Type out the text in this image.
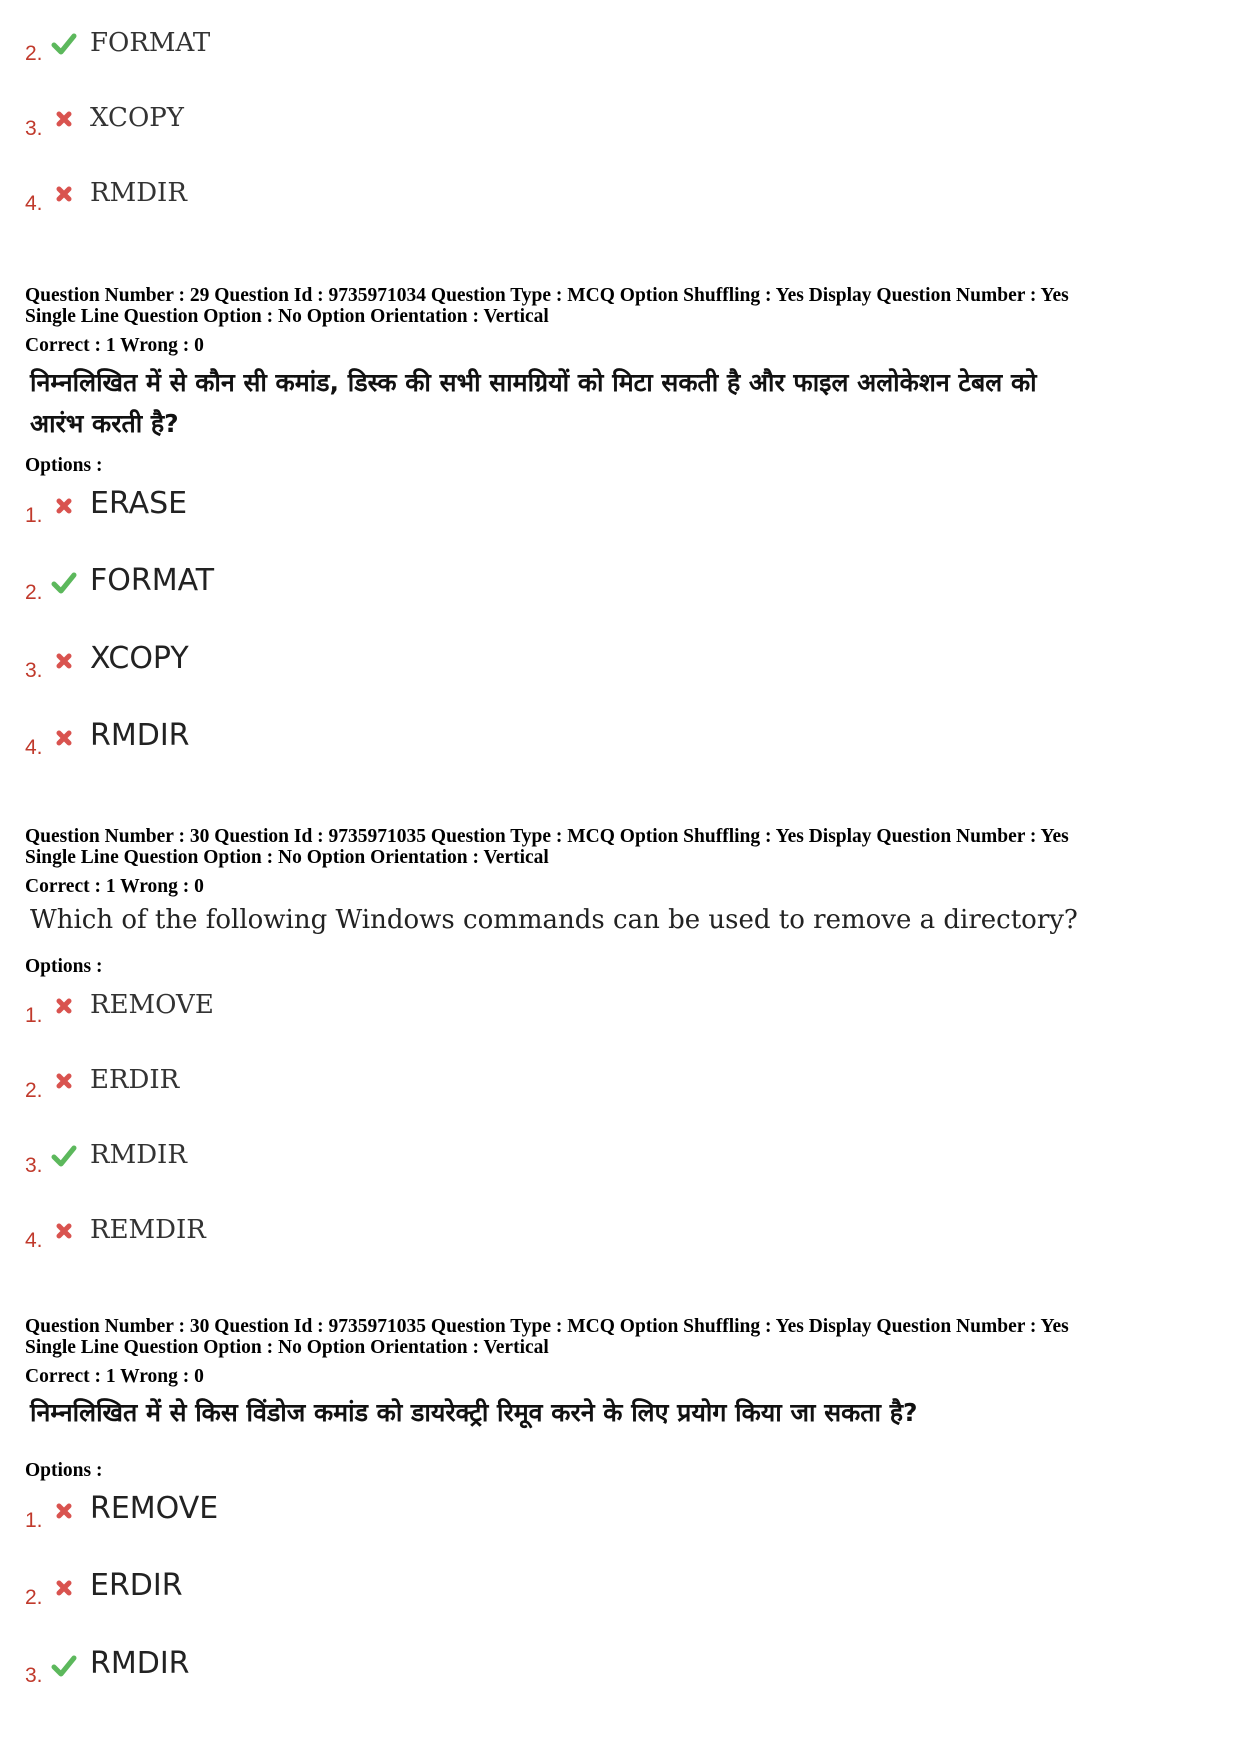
2. FORMAT
3. XCOPY
4. RMDIR
Question Number : 29 Question Id : 9735971034 Question Type : MCQ Option Shuffling : Yes Display Question Number : Yes
Single Line Question Option : No Option Orientation : Vertical
Correct : 1 Wrong : 0
निम्नलिखित में से कौन सी कमांड, डिस्क की सभी सामग्रियों को मिटा सकती है और फाइल अलोकेशन टेबल को
आरंभ करती है?
Options :
1. ERASE
2. FORMAT
3. XCOPY
4. RMDIR
Question Number : 30 Question Id : 9735971035 Question Type : MCQ Option Shuffling : Yes Display Question Number : Yes
Single Line Question Option : No Option Orientation : Vertical
Correct : 1 Wrong : 0
Which of the following Windows commands can be used to remove a directory?
Options :
1. REMOVE
2. ERDIR
3. RMDIR
4. REMDIR
Question Number : 30 Question Id : 9735971035 Question Type : MCQ Option Shuffling : Yes Display Question Number : Yes
Single Line Question Option : No Option Orientation : Vertical
Correct : 1 Wrong : 0
निम्नलिखित में से किस विंडोज कमांड को डायरेक्ट्री रिमूव करने के लिए प्रयोग किया जा सकता है?
Options :
1. REMOVE
2. ERDIR
3. RMDIR
